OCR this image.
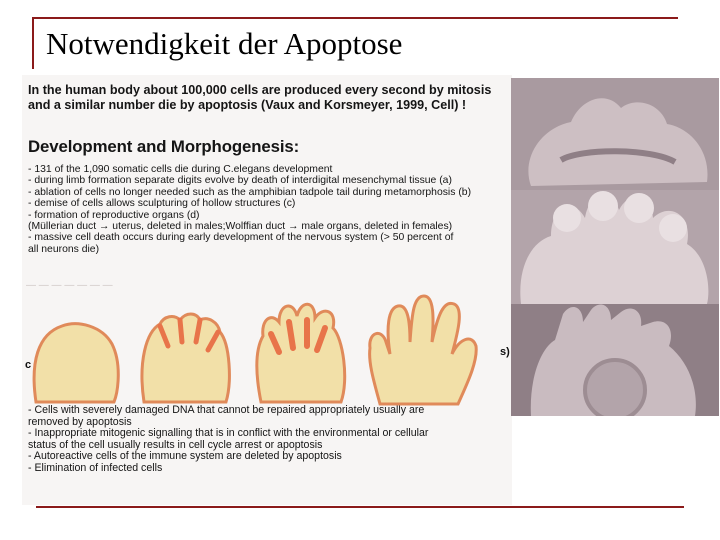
Notwendigkeit der Apoptose
In the human body about 100,000 cells are produced every second by mitosis
and a similar number die by apoptosis (Vaux and Korsmeyer, 1999, Cell) !
Development and Morphogenesis:
- 131 of the 1,090 somatic cells die during C.elegans development
- during limb formation separate digits evolve by death of interdigital mesenchymal tissue (a)
- ablation of cells no longer needed such as the amphibian tadpole tail during metamorphosis (b)
- demise of cells allows sculpturing of hollow structures (c)
- formation of reproductive organs (d)
(Müllerian duct → uterus, deleted in males;Wolffian duct → male organs, deleted in females)
- massive cell death occurs during early development of the nervous system (> 50 percent of
all neurons die)
— — — — — — —
c
s)
- Cells with severely damaged DNA that cannot be repaired appropriately usually are
removed by apoptosis
- Inappropriate mitogenic signalling that is in conflict with the environmental or cellular
status of the cell usually results in cell cycle arrest or apoptosis
- Autoreactive cells of the immune system are deleted by apoptosis
- Elimination of infected cells
